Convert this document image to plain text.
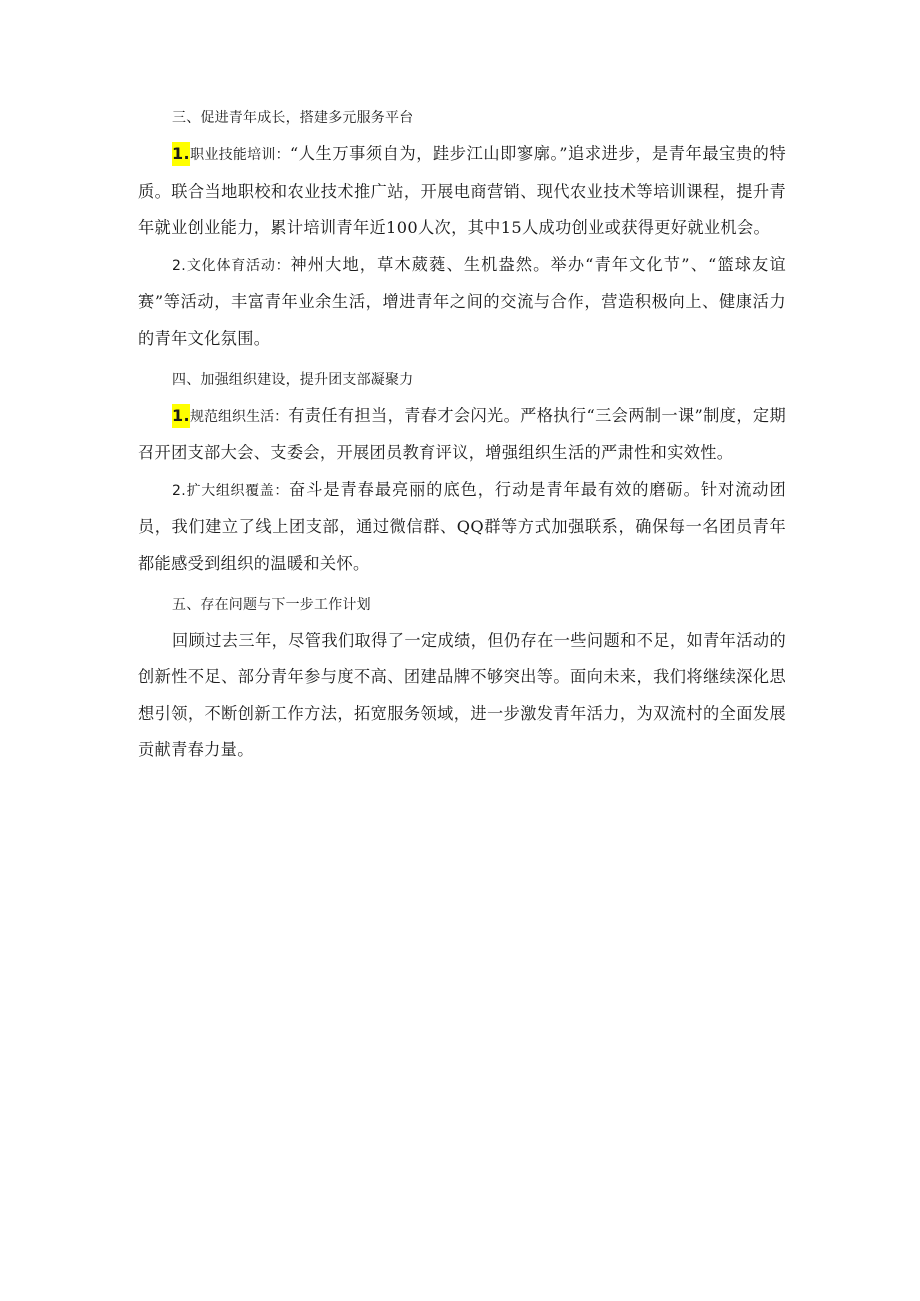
三、促进青年成长，搭建多元服务平台

1.职业技能培训：“人生万事须自为，跬步江山即寥廓。”追求进步，是青年最宝贵的特质。联合当地职校和农业技术推广站，开展电商营销、现代农业技术等培训课程，提升青年就业创业能力，累计培训青年近100人次，其中15人成功创业或获得更好就业机会。

2.文化体育活动：神州大地，草木葳蕤、生机盎然。举办“青年文化节”、“篮球友谊赛”等活动，丰富青年业余生活，增进青年之间的交流与合作，营造积极向上、健康活力的青年文化氛围。

四、加强组织建设，提升团支部凝聚力

1.规范组织生活：有责任有担当，青春才会闪光。严格执行“三会两制一课”制度，定期召开团支部大会、支委会，开展团员教育评议，增强组织生活的严肃性和实效性。

2.扩大组织覆盖：奋斗是青春最亮丽的底色，行动是青年最有效的磨砺。针对流动团员，我们建立了线上团支部，通过微信群、QQ群等方式加强联系，确保每一名团员青年都能感受到组织的温暖和关怀。

五、存在问题与下一步工作计划

回顾过去三年，尽管我们取得了一定成绩，但仍存在一些问题和不足，如青年活动的创新性不足、部分青年参与度不高、团建品牌不够突出等。面向未来，我们将继续深化思想引领，不断创新工作方法，拓宽服务领域，进一步激发青年活力，为双流村的全面发展贡献青春力量。
